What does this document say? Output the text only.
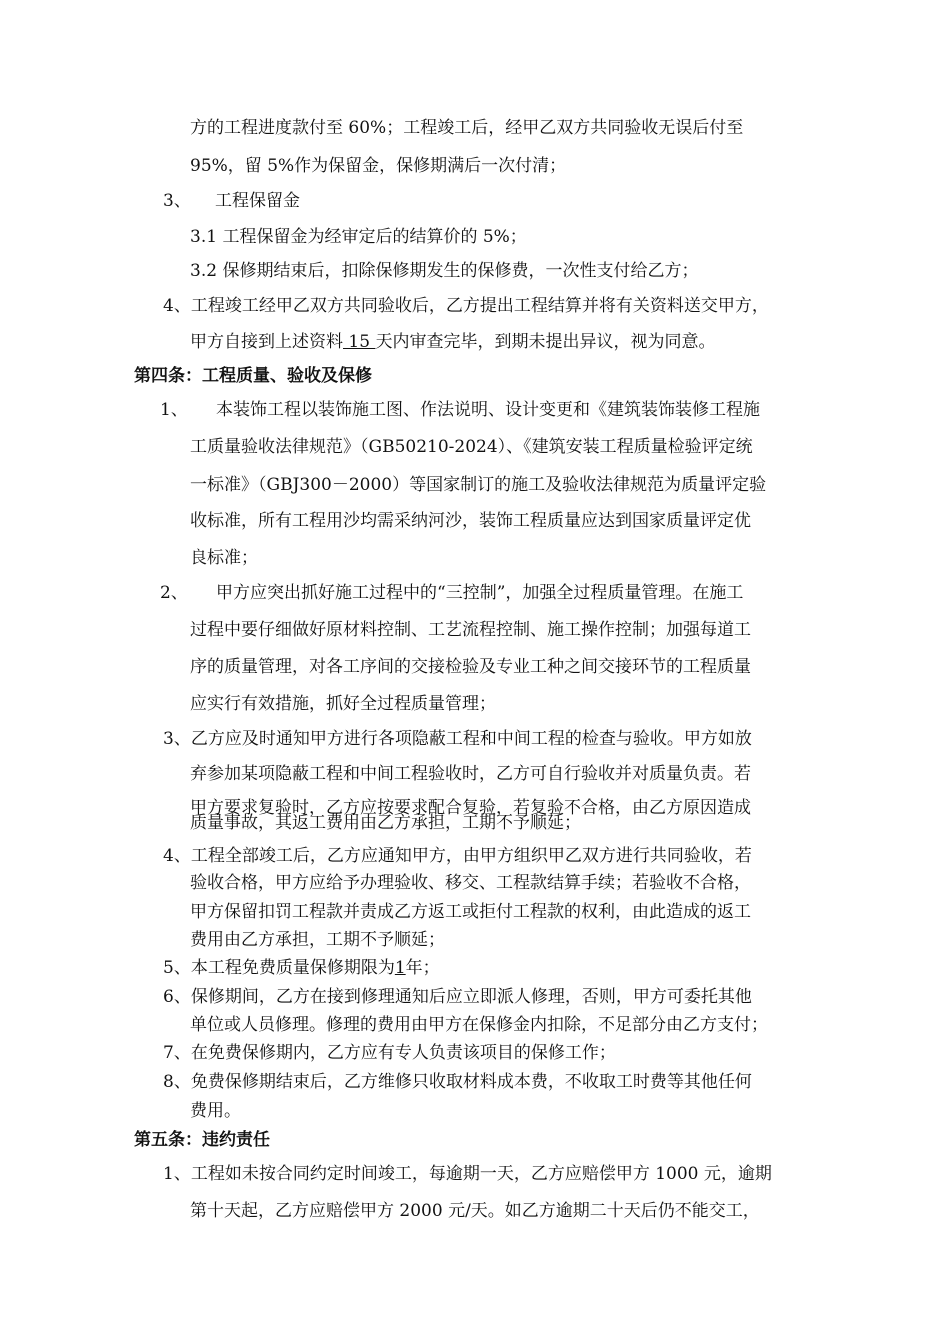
方的工程进度款付至 60%；工程竣工后，经甲乙双方共同验收无误后付至
95%，留 5%作为保留金，保修期满后一次付清；
3、 工程保留金
3.1 工程保留金为经审定后的结算价的 5%；
3.2 保修期结束后，扣除保修期发生的保修费，一次性支付给乙方；
4、工程竣工经甲乙双方共同验收后，乙方提出工程结算并将有关资料送交甲方，
甲方自接到上述资料 15 天内审查完毕，到期未提出异议，视为同意。
第四条：工程质量、验收及保修
1、 本装饰工程以装饰施工图、作法说明、设计变更和《建筑装饰装修工程施
工质量验收法律规范》（GB50210-2024）、《建筑安装工程质量检验评定统
一标准》（GBJ300－2000）等国家制订的施工及验收法律规范为质量评定验
收标准，所有工程用沙均需采纳河沙，装饰工程质量应达到国家质量评定优
良标准；
2、 甲方应突出抓好施工过程中的“三控制”，加强全过程质量管理。在施工
过程中要仔细做好原材料控制、工艺流程控制、施工操作控制；加强每道工
序的质量管理，对各工序间的交接检验及专业工种之间交接环节的工程质量
应实行有效措施，抓好全过程质量管理；
3、乙方应及时通知甲方进行各项隐蔽工程和中间工程的检查与验收。甲方如放
弃参加某项隐蔽工程和中间工程验收时，乙方可自行验收并对质量负责。若
甲方要求复验时，乙方应按要求配合复验，若复验不合格，由乙方原因造成
质量事故，其返工费用由乙方承担，工期不予顺延；
4、工程全部竣工后，乙方应通知甲方，由甲方组织甲乙双方进行共同验收，若
验收合格，甲方应给予办理验收、移交、工程款结算手续；若验收不合格，
甲方保留扣罚工程款并责成乙方返工或拒付工程款的权利，由此造成的返工
费用由乙方承担，工期不予顺延；
5、本工程免费质量保修期限为1年；
6、保修期间，乙方在接到修理通知后应立即派人修理，否则，甲方可委托其他
单位或人员修理。修理的费用由甲方在保修金内扣除，不足部分由乙方支付；
7、在免费保修期内，乙方应有专人负责该项目的保修工作；
8、免费保修期结束后，乙方维修只收取材料成本费，不收取工时费等其他任何
费用。
第五条：违约责任
1、工程如未按合同约定时间竣工，每逾期一天，乙方应赔偿甲方 1000 元，逾期
第十天起，乙方应赔偿甲方 2000 元/天。如乙方逾期二十天后仍不能交工，
